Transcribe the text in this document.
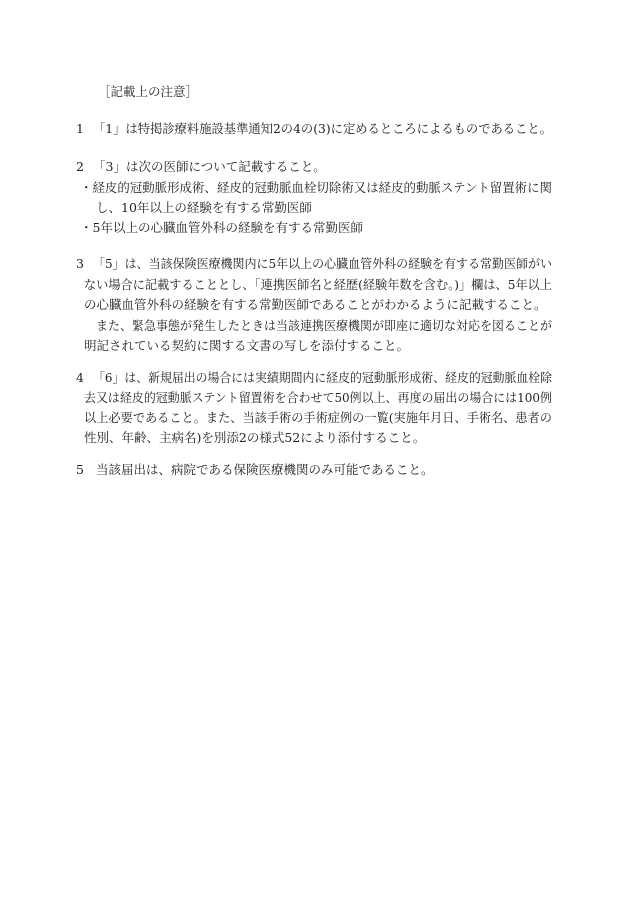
［記載上の注意］
1 「1」は特掲診療料施設基準通知2の4の(3)に定めるところによるものであること。
2 「3」は次の医師について記載すること。
・経皮的冠動脈形成術、経皮的冠動脈血栓切除術又は経皮的動脈ステント留置術に関
し、10年以上の経験を有する常勤医師
・5年以上の心臓血管外科の経験を有する常勤医師
3 「5」は、当該保険医療機関内に5年以上の心臓血管外科の経験を有する常勤医師がい
ない場合に記載することとし、「連携医師名と経歴(経験年数を含む。)」欄は、5年以上
の心臓血管外科の経験を有する常勤医師であることがわかるように記載すること。
また、緊急事態が発生したときは当該連携医療機関が即座に適切な対応を図ることが
明記されている契約に関する文書の写しを添付すること。
4 「6」は、新規届出の場合には実績期間内に経皮的冠動脈形成術、経皮的冠動脈血栓除
去又は経皮的冠動脈ステント留置術を合わせて50例以上、再度の届出の場合には100例
以上必要であること。また、当該手術の手術症例の一覧(実施年月日、手術名、患者の
性別、年齢、主病名)を別添2の様式52により添付すること。
5 当該届出は、病院である保険医療機関のみ可能であること。
